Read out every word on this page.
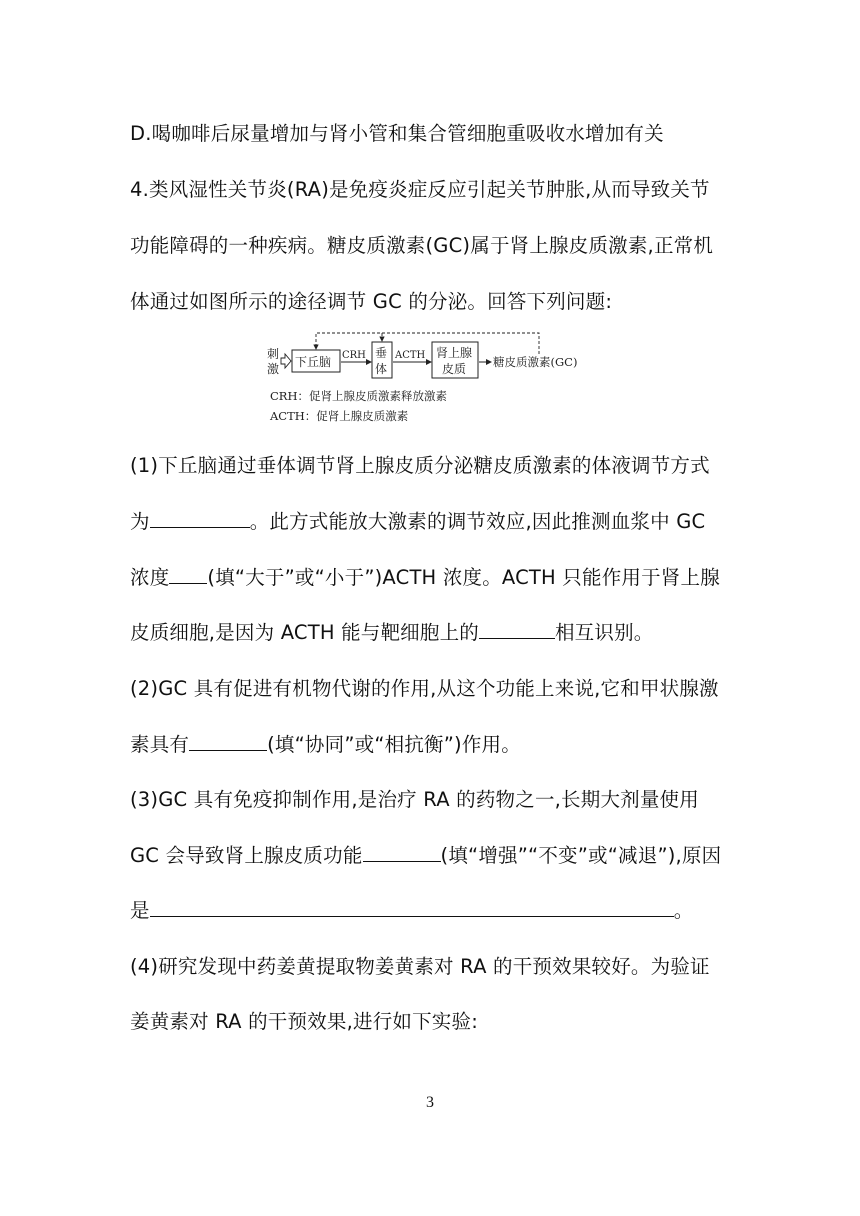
D.喝咖啡后尿量增加与肾小管和集合管细胞重吸收水增加有关

4.类风湿性关节炎(RA)是免疫炎症反应引起关节肿胀,从而导致关节

功能障碍的一种疾病。糖皮质激素(GC)属于肾上腺皮质激素,正常机

体通过如图所示的途径调节 GC 的分泌。回答下列问题:

刺
激 下丘脑 CRH 垂
体
ACTH 肾上腺
皮质 糖皮质激素(GC)
CRH：促肾上腺皮质激素释放激素
ACTH：促肾上腺皮质激素

(1)下丘脑通过垂体调节肾上腺皮质分泌糖皮质激素的体液调节方式

为	。此方式能放大激素的调节效应,因此推测血浆中 GC

浓度 (填“大于”或“小于”)ACTH 浓度。ACTH 只能作用于肾上腺

皮质细胞,是因为 ACTH 能与靶细胞上的	相互识别。

(2)GC 具有促进有机物代谢的作用,从这个功能上来说,它和甲状腺激

素具有	(填“协同”或“相抗衡”)作用。

(3)GC 具有免疫抑制作用,是治疗 RA 的药物之一,长期大剂量使用

GC 会导致肾上腺皮质功能	(填“增强”“不变”或“减退”),原因

是	。

(4)研究发现中药姜黄提取物姜黄素对 RA 的干预效果较好。为验证

姜黄素对 RA 的干预效果,进行如下实验:

3
